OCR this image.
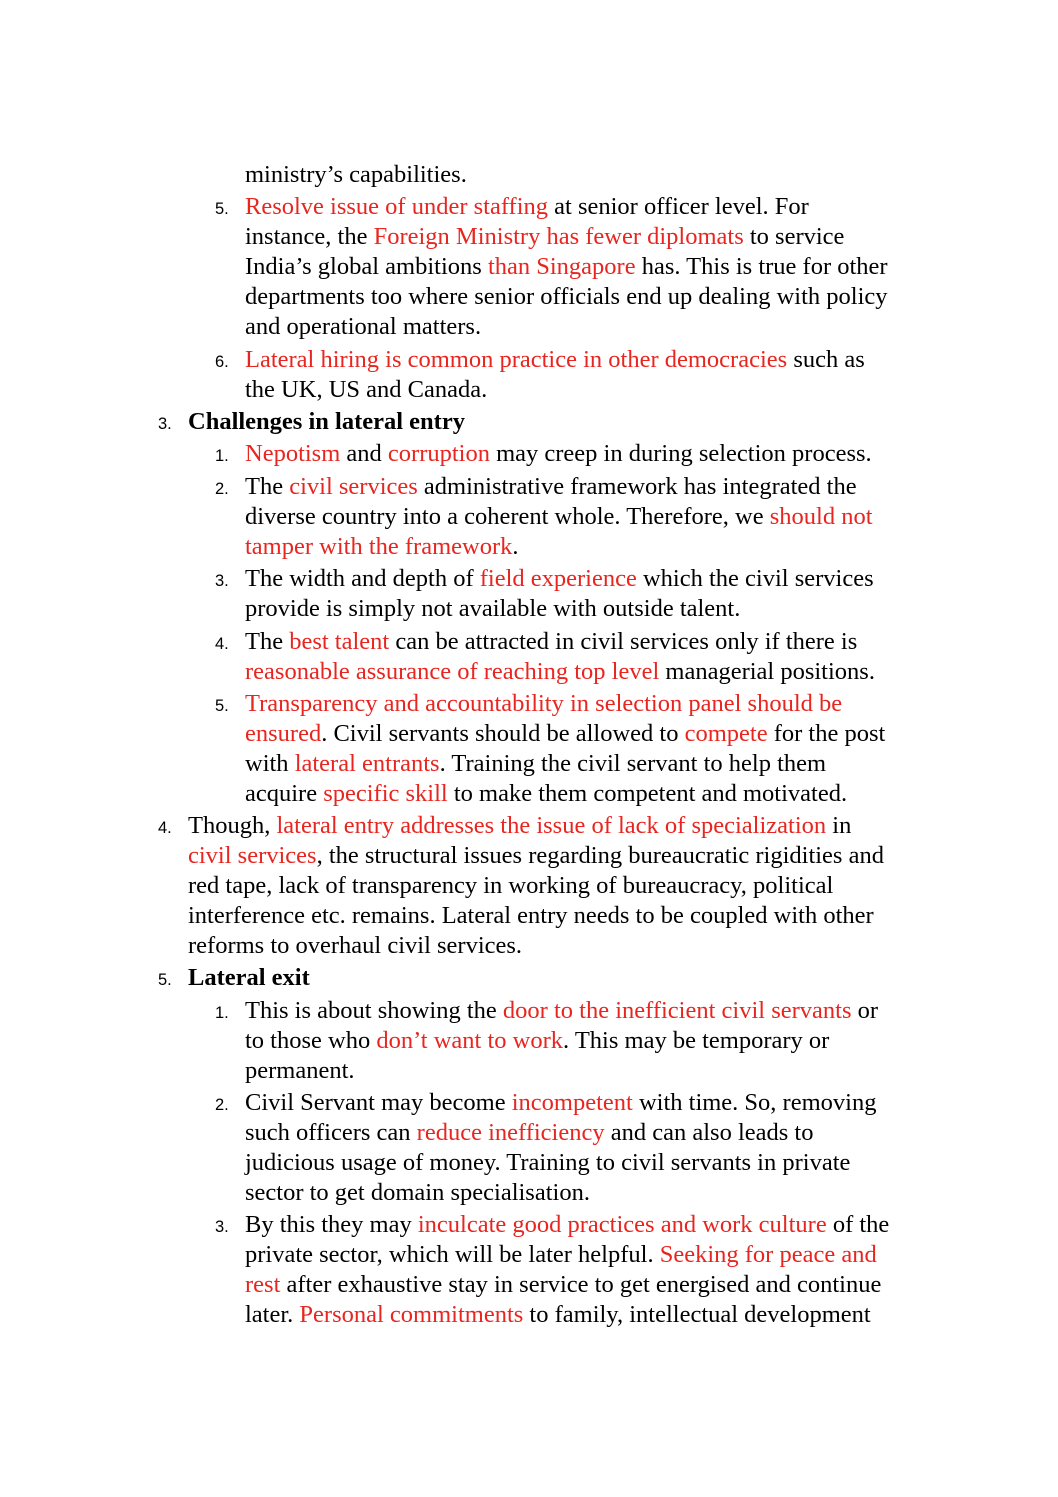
ministry’s capabilities.
5. Resolve issue of under staffing at senior officer level. For
instance, the Foreign Ministry has fewer diplomats to service
India’s global ambitions than Singapore has. This is true for other
departments too where senior officials end up dealing with policy
and operational matters.
6. Lateral hiring is common practice in other democracies such as
the UK, US and Canada.
3. Challenges in lateral entry
1. Nepotism and corruption may creep in during selection process.
2. The civil services administrative framework has integrated the
diverse country into a coherent whole. Therefore, we should not
tamper with the framework.
3. The width and depth of field experience which the civil services
provide is simply not available with outside talent.
4. The best talent can be attracted in civil services only if there is
reasonable assurance of reaching top level managerial positions.
5. Transparency and accountability in selection panel should be
ensured. Civil servants should be allowed to compete for the post
with lateral entrants. Training the civil servant to help them
acquire specific skill to make them competent and motivated.
4. Though, lateral entry addresses the issue of lack of specialization in
civil services, the structural issues regarding bureaucratic rigidities and
red tape, lack of transparency in working of bureaucracy, political
interference etc. remains. Lateral entry needs to be coupled with other
reforms to overhaul civil services.
5. Lateral exit
1. This is about showing the door to the inefficient civil servants or
to those who don’t want to work. This may be temporary or
permanent.
2. Civil Servant may become incompetent with time. So, removing
such officers can reduce inefficiency and can also leads to
judicious usage of money. Training to civil servants in private
sector to get domain specialisation.
3. By this they may inculcate good practices and work culture of the
private sector, which will be later helpful. Seeking for peace and
rest after exhaustive stay in service to get energised and continue
later. Personal commitments to family, intellectual development
